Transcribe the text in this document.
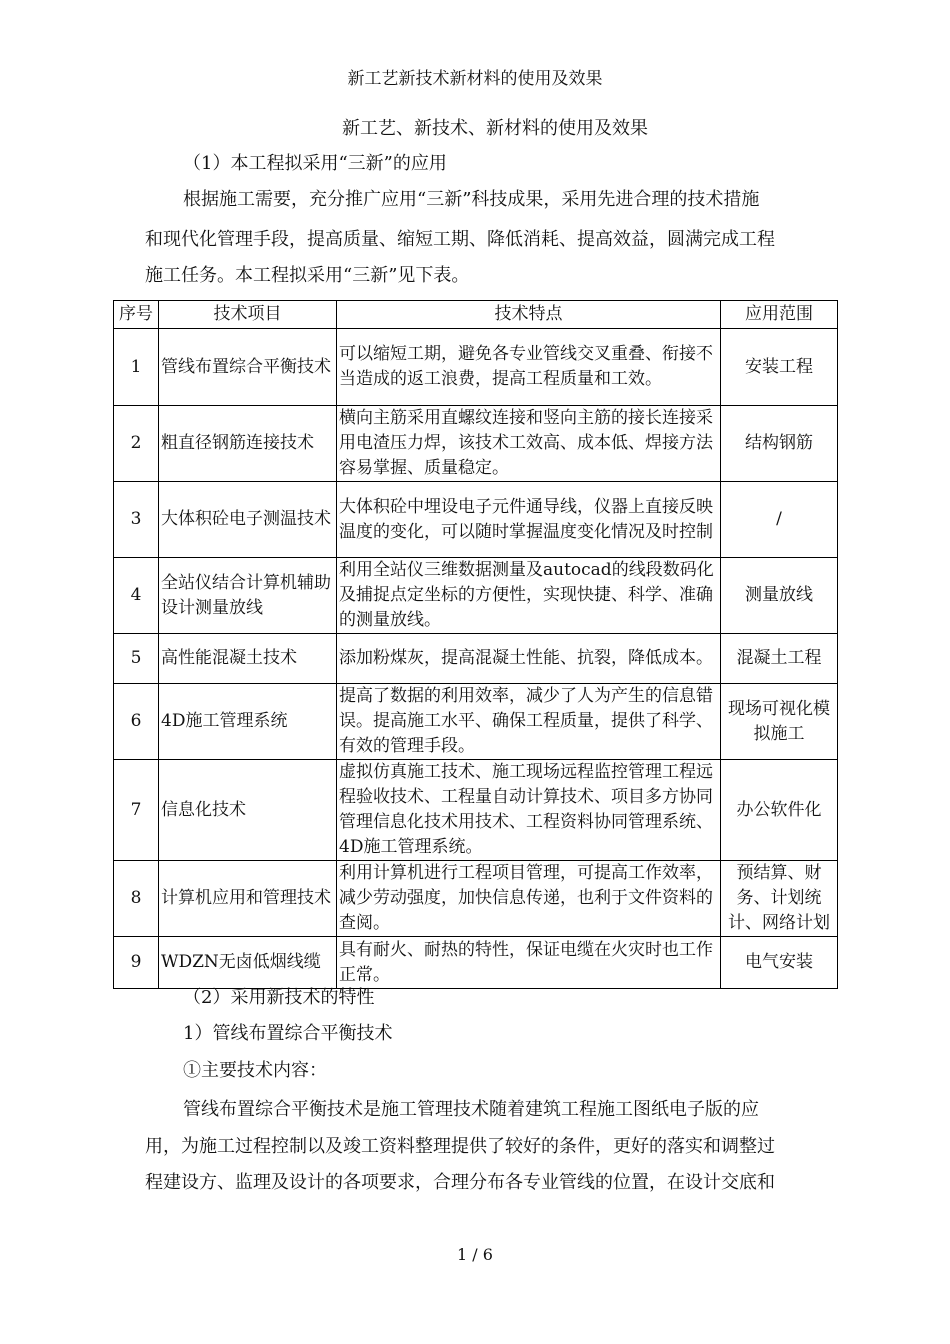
新工艺新技术新材料的使用及效果
新工艺、新技术、新材料的使用及效果
（1）本工程拟采用“三新”的应用
根据施工需要，充分推广应用“三新”科技成果，采用先进合理的技术措施
和现代化管理手段，提高质量、缩短工期、降低消耗、提高效益，圆满完成工程
施工任务。本工程拟采用“三新”见下表。
序号	技术项目	技术特点	应用范围
1	管线布置综合平衡技术	可以缩短工期，避免各专业管线交叉重叠、衔接不当造成的返工浪费，提高工程质量和工效。	安装工程
2	粗直径钢筋连接技术	横向主筋采用直螺纹连接和竖向主筋的接长连接采用电渣压力焊，该技术工效高、成本低、焊接方法容易掌握、质量稳定。	结构钢筋
3	大体积砼电子测温技术	大体积砼中埋设电子元件通导线，仪器上直接反映温度的变化，可以随时掌握温度变化情况及时控制	/
4	全站仪结合计算机辅助设计测量放线	利用全站仪三维数据测量及autocad的线段数码化及捕捉点定坐标的方便性，实现快捷、科学、准确的测量放线。	测量放线
5	高性能混凝土技术	添加粉煤灰，提高混凝土性能、抗裂，降低成本。	混凝土工程
6	4D施工管理系统	提高了数据的利用效率，减少了人为产生的信息错误。提高施工水平、确保工程质量，提供了科学、有效的管理手段。	现场可视化模拟施工
7	信息化技术	虚拟仿真施工技术、施工现场远程监控管理工程远程验收技术、工程量自动计算技术、项目多方协同管理信息化技术用技术、工程资料协同管理系统、4D施工管理系统。	办公软件化
8	计算机应用和管理技术	利用计算机进行工程项目管理，可提高工作效率，减少劳动强度，加快信息传递，也利于文件资料的查阅。	预结算、财务、计划统计、网络计划
9	WDZN无卤低烟线缆	具有耐火、耐热的特性，保证电缆在火灾时也工作正常。	电气安装
（2）采用新技术的特性
1）管线布置综合平衡技术
①主要技术内容：
管线布置综合平衡技术是施工管理技术随着建筑工程施工图纸电子版的应
用，为施工过程控制以及竣工资料整理提供了较好的条件，更好的落实和调整过
程建设方、监理及设计的各项要求，合理分布各专业管线的位置，在设计交底和
1 / 6
